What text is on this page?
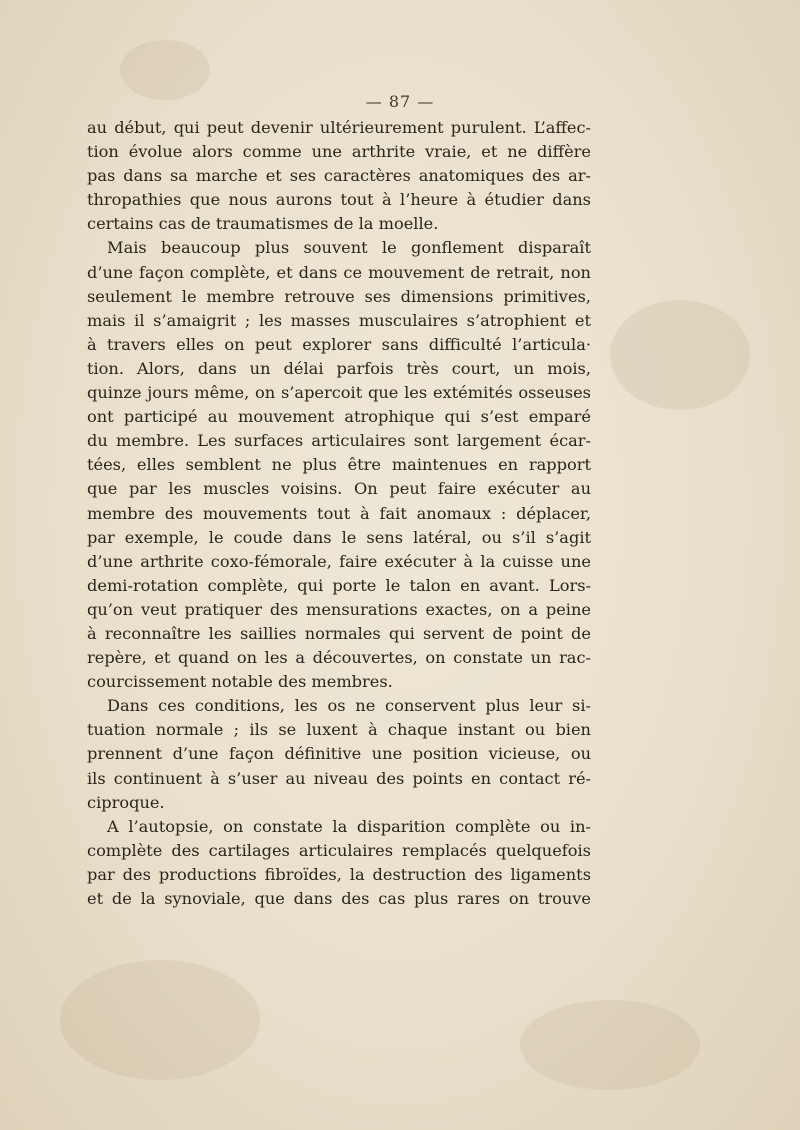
— 87 —
au début, qui peut devenir ultérieurement purulent. L’affec-
tion évolue alors comme une arthrite vraie, et ne diffère
pas dans sa marche et ses caractères anatomiques des ar-
thropathies que nous aurons tout à l’heure à étudier dans
certains cas de traumatismes de la moelle.
Mais beaucoup plus souvent le gonflement disparaît
d’une façon complète, et dans ce mouvement de retrait, non
seulement le membre retrouve ses dimensions primitives,
mais il s’amaigrit ; les masses musculaires s’atrophient et
à travers elles on peut explorer sans difficulté l’articula·
tion. Alors, dans un délai parfois très court, un mois,
quinze jours même, on s’apercoit que les extémités osseuses
ont participé au mouvement atrophique qui s’est emparé
du membre. Les surfaces articulaires sont largement écar-
tées, elles semblent ne plus être maintenues en rapport
que par les muscles voisins. On peut faire exécuter au
membre des mouvements tout à fait anomaux : déplacer,
par exemple, le coude dans le sens latéral, ou s’il s’agit
d’une arthrite coxo-fémorale, faire exécuter à la cuisse une
demi-rotation complète, qui porte le talon en avant. Lors-
qu’on veut pratiquer des mensurations exactes, on a peine
à reconnaître les saillies normales qui servent de point de
repère, et quand on les a découvertes, on constate un rac-
courcissement notable des membres.
Dans ces conditions, les os ne conservent plus leur si-
tuation normale ; ils se luxent à chaque instant ou bien
prennent d’une façon définitive une position vicieuse, ou
ils continuent à s’user au niveau des points en contact ré-
ciproque.
A l’autopsie, on constate la disparition complète ou in-
complète des cartilages articulaires remplacés quelquefois
par des productions fibroïdes, la destruction des ligaments
et de la synoviale, que dans des cas plus rares on trouve
